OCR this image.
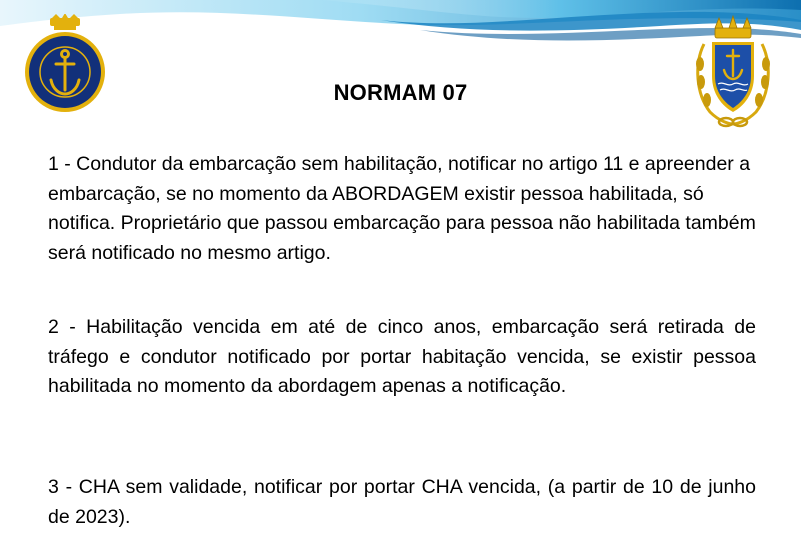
NORMAM 07
1 - Condutor da embarcação sem habilitação, notificar no artigo 11 e apreender a embarcação, se no momento da ABORDAGEM existir pessoa habilitada, só notifica. Proprietário que passou embarcação para pessoa não habilitada também será notificado no mesmo artigo.
2 - Habilitação vencida em até de cinco anos, embarcação será retirada de tráfego e condutor notificado por portar habitação vencida, se existir pessoa habilitada no momento da abordagem apenas a notificação.
3 - CHA sem validade, notificar por portar CHA vencida, (a partir de 10 de junho de 2023).
